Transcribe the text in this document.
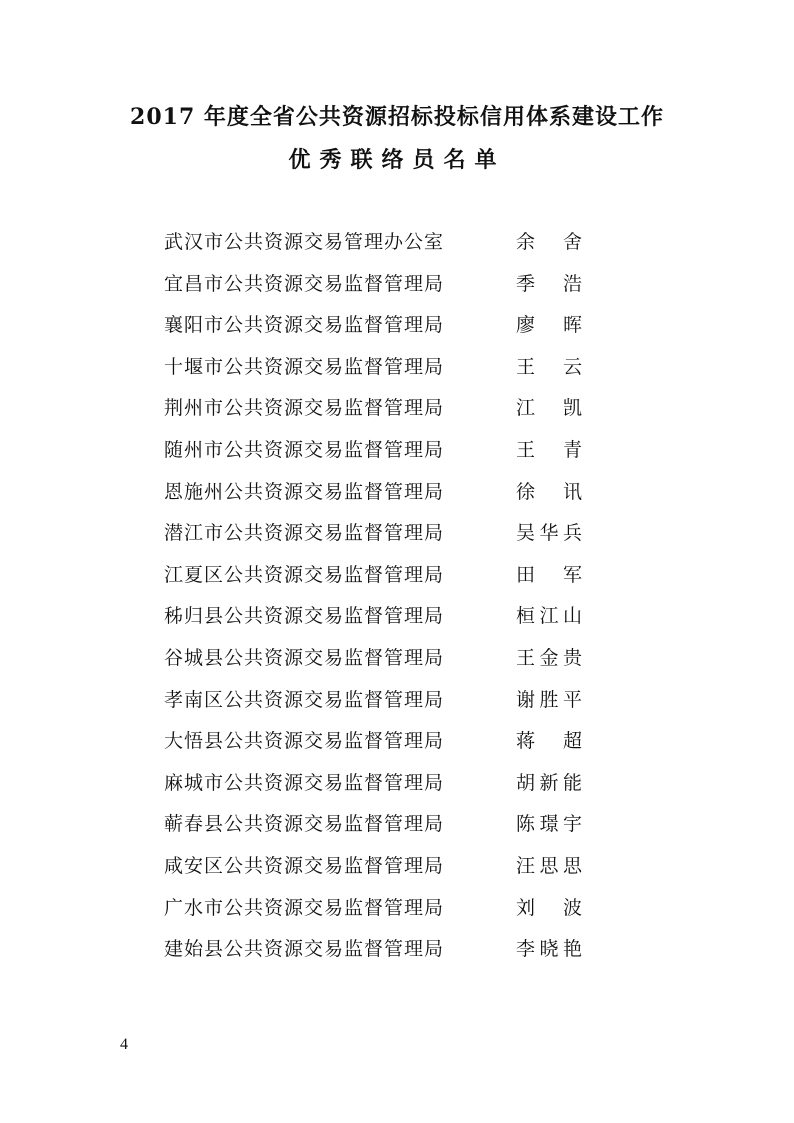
2017 年度全省公共资源招标投标信用体系建设工作
优秀联络员名单
武汉市公共资源交易管理办公室	余 舍
宜昌市公共资源交易监督管理局	季 浩
襄阳市公共资源交易监督管理局	廖 晖
十堰市公共资源交易监督管理局	王 云
荆州市公共资源交易监督管理局	江 凯
随州市公共资源交易监督管理局	王 青
恩施州公共资源交易监督管理局	徐 讯
潜江市公共资源交易监督管理局	吴华兵
江夏区公共资源交易监督管理局	田 军
秭归县公共资源交易监督管理局	桓江山
谷城县公共资源交易监督管理局	王金贵
孝南区公共资源交易监督管理局	谢胜平
大悟县公共资源交易监督管理局	蒋 超
麻城市公共资源交易监督管理局	胡新能
蕲春县公共资源交易监督管理局	陈璟宇
咸安区公共资源交易监督管理局	汪思思
广水市公共资源交易监督管理局	刘 波
建始县公共资源交易监督管理局	李晓艳
4
